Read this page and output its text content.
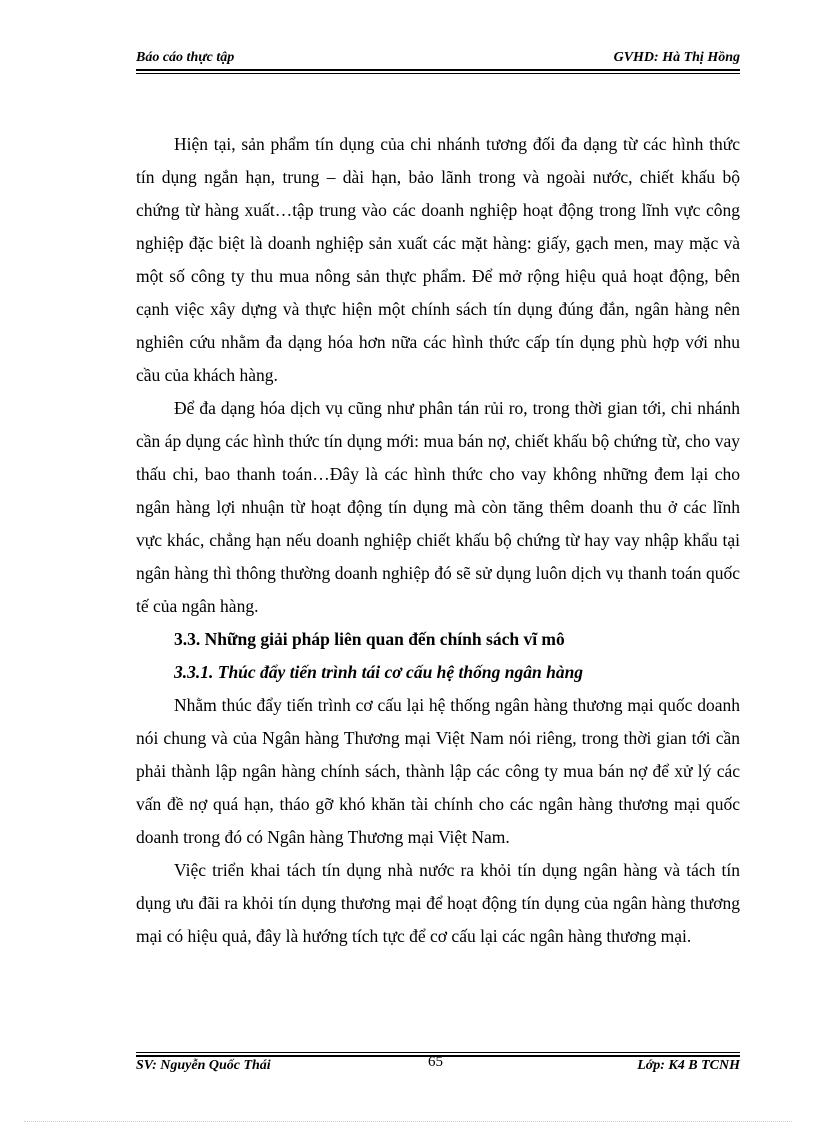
Báo cáo thực tập	GVHD: Hà Thị Hồng

Hiện tại, sản phẩm tín dụng của chi nhánh tương đối đa dạng từ các hình thức tín dụng ngắn hạn, trung – dài hạn, bảo lãnh trong và ngoài nước, chiết khấu bộ chứng từ hàng xuất…tập trung vào các doanh nghiệp hoạt động trong lĩnh vực công nghiệp đặc biệt là doanh nghiệp sản xuất các mặt hàng: giấy, gạch men, may mặc và một số công ty thu mua nông sản thực phẩm. Để mở rộng hiệu quả hoạt động, bên cạnh việc xây dựng và thực hiện một chính sách tín dụng đúng đắn, ngân hàng nên nghiên cứu nhằm đa dạng hóa hơn nữa các hình thức cấp tín dụng phù hợp với nhu cầu của khách hàng.

Để đa dạng hóa dịch vụ cũng như phân tán rủi ro, trong thời gian tới, chi nhánh cần áp dụng các hình thức tín dụng mới: mua bán nợ, chiết khấu bộ chứng từ, cho vay thấu chi, bao thanh toán…Đây là các hình thức cho vay không những đem lại cho ngân hàng lợi nhuận từ hoạt động tín dụng mà còn tăng thêm doanh thu ở các lĩnh vực khác, chẳng hạn nếu doanh nghiệp chiết khấu bộ chứng từ hay vay nhập khẩu tại ngân hàng thì thông thường doanh nghiệp đó sẽ sử dụng luôn dịch vụ thanh toán quốc tế của ngân hàng.

3.3. Những giải pháp liên quan đến chính sách vĩ mô
3.3.1. Thúc đẩy tiến trình tái cơ cấu hệ thống ngân hàng

Nhằm thúc đẩy tiến trình cơ cấu lại hệ thống ngân hàng thương mại quốc doanh nói chung và của Ngân hàng Thương mại Việt Nam nói riêng, trong thời gian tới cần phải thành lập ngân hàng chính sách, thành lập các công ty mua bán nợ để xử lý các vấn đề nợ quá hạn, tháo gỡ khó khăn tài chính cho các ngân hàng thương mại quốc doanh trong đó có Ngân hàng Thương mại Việt Nam.

Việc triển khai tách tín dụng nhà nước ra khỏi tín dụng ngân hàng và tách tín dụng ưu đãi ra khỏi tín dụng thương mại để hoạt động tín dụng của ngân hàng thương mại có hiệu quả, đây là hướng tích tực để cơ cấu lại các ngân hàng thương mại.

SV: Nguyễn Quốc Thái	65	Lớp: K4 B TCNH
